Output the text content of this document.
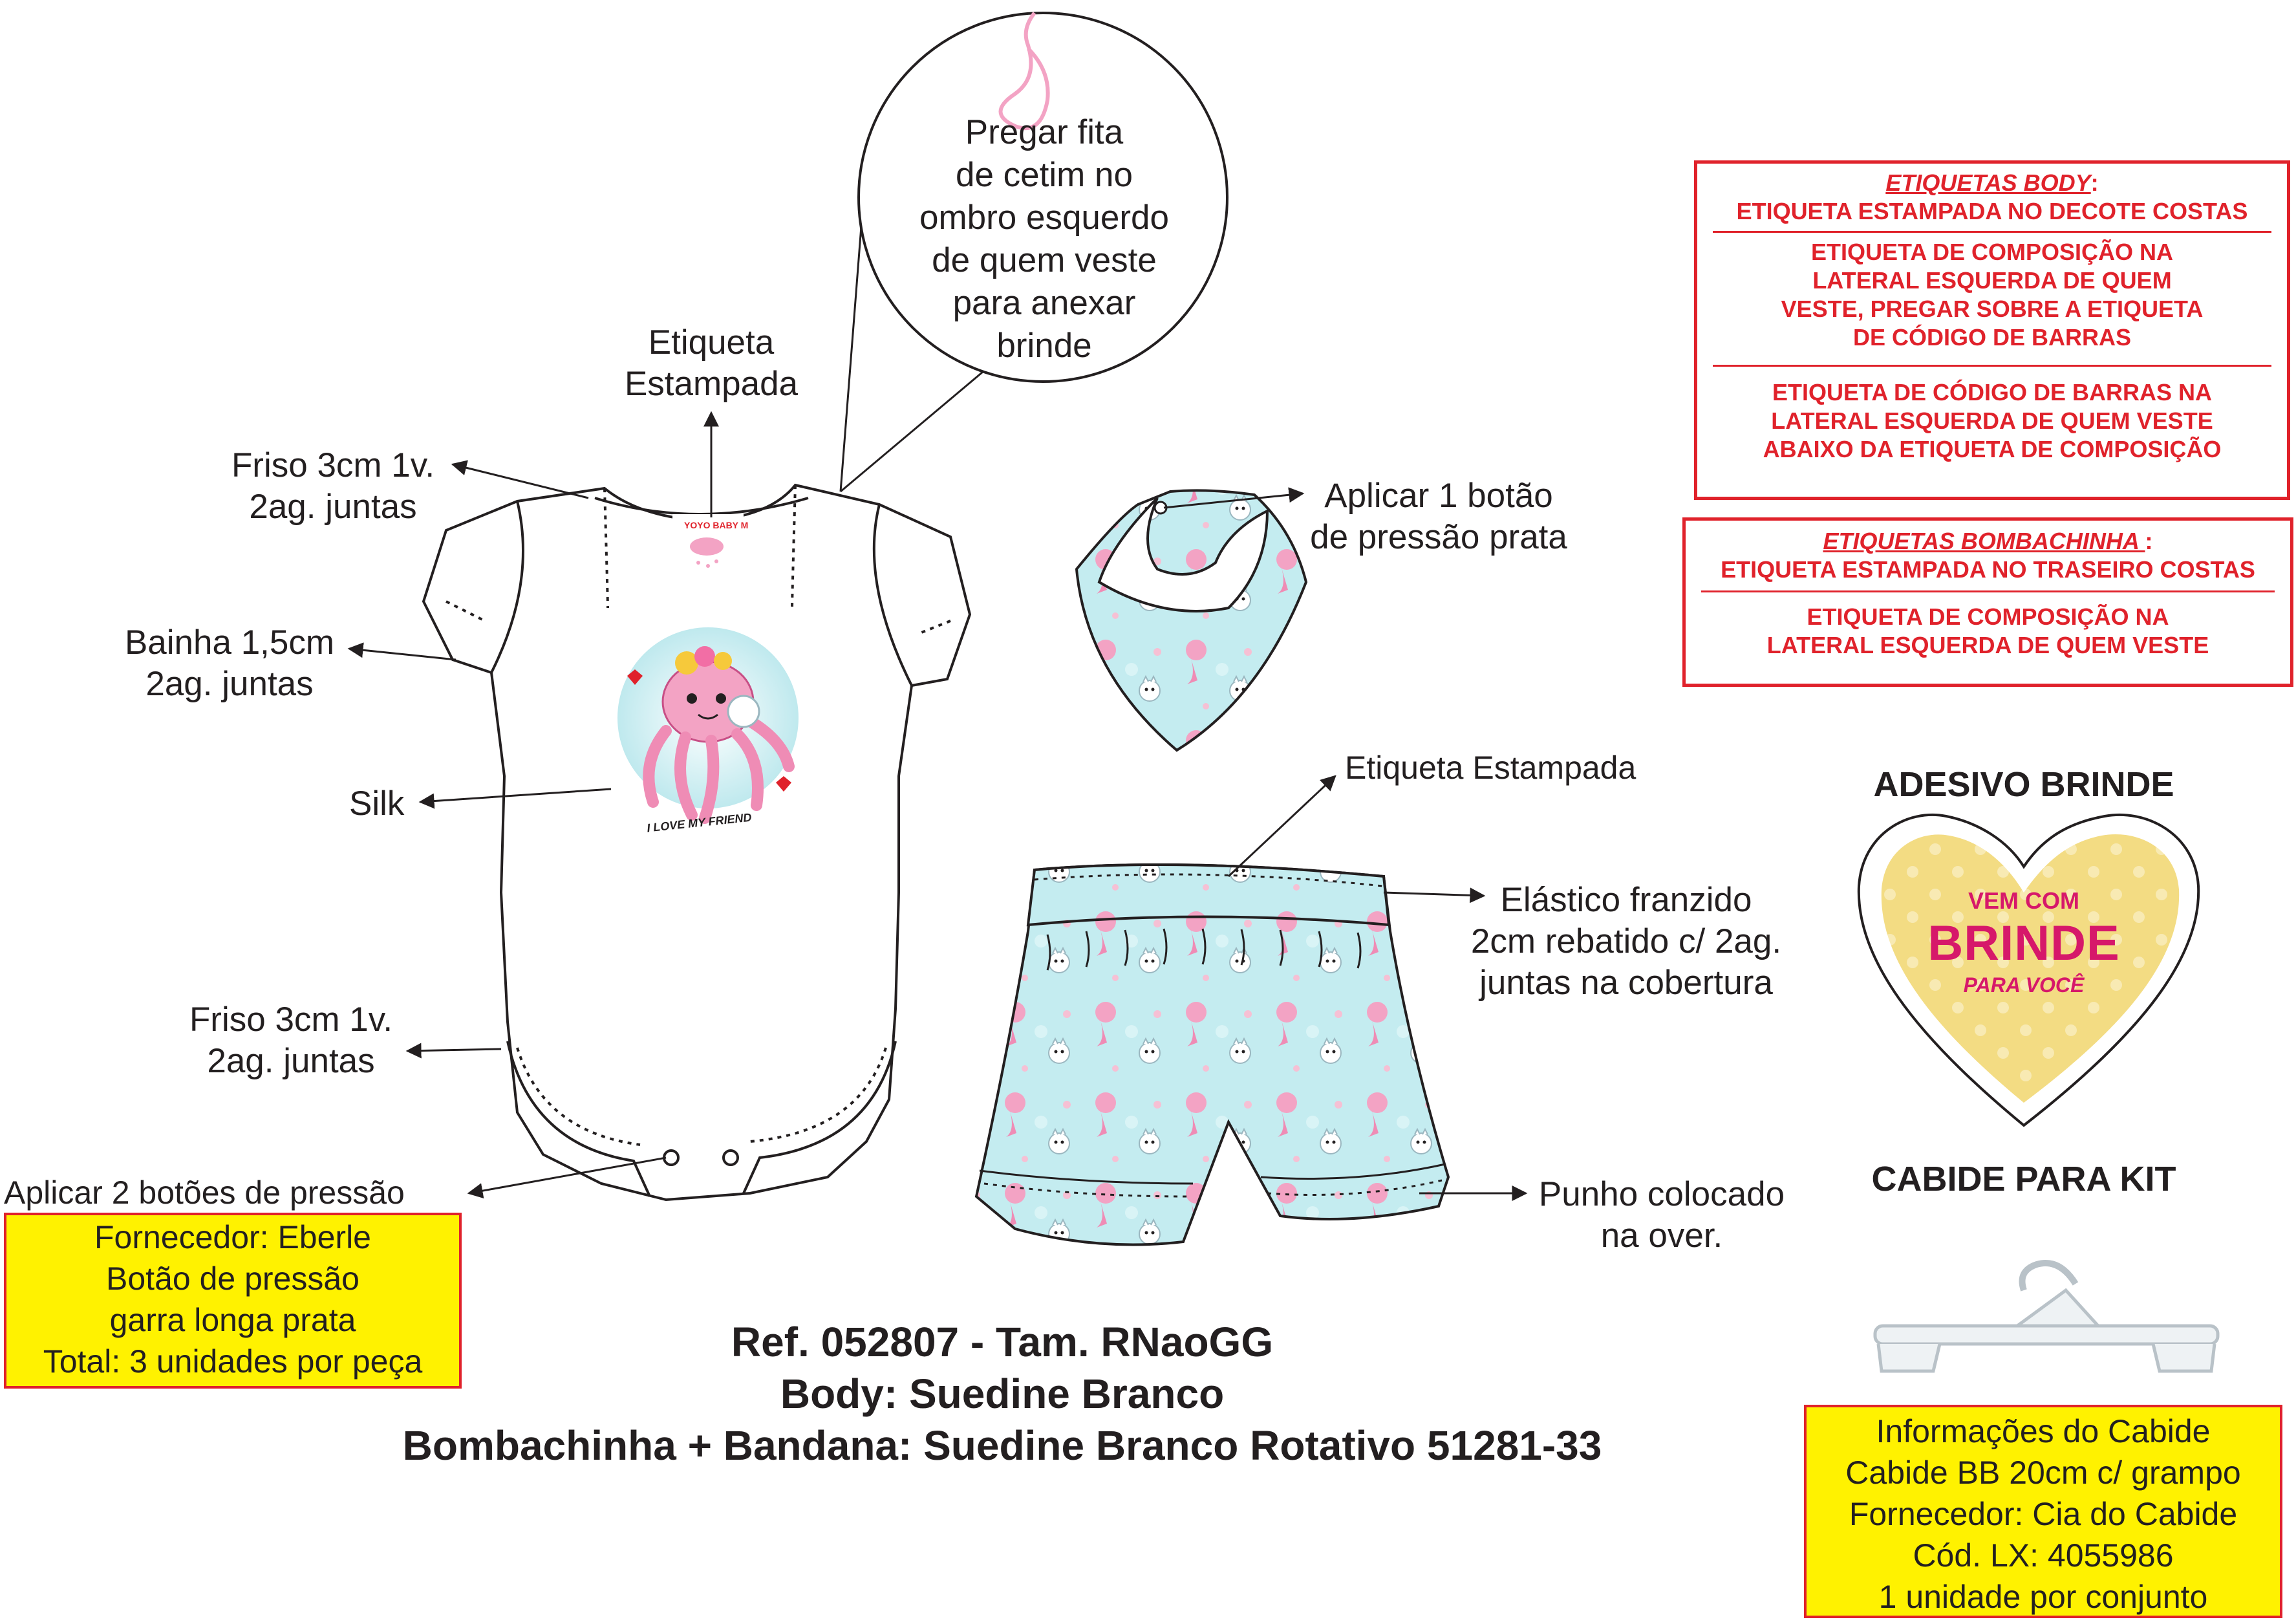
Etiqueta
Estampada
Friso 3cm 1v.
2ag. juntas
Bainha 1,5cm
2ag. juntas
Silk
Friso 3cm 1v.
2ag. juntas
Aplicar 2 botões de pressão
YOYO BABY M
I LOVE MY FRIEND
Pregar fita
de cetim no
ombro esquerdo
de quem veste
para anexar
brinde
Fornecedor: Eberle
Botão de pressão
garra longa prata
Total: 3 unidades por peça
Aplicar 1 botão
de pressão prata
Etiqueta Estampada
Elástico franzido
2cm rebatido c/ 2ag.
juntas na cobertura
Punho colocado
na over.
ETIQUETAS BODY:
ETIQUETA ESTAMPADA NO DECOTE COSTAS
ETIQUETA DE COMPOSIÇÃO NA
LATERAL ESQUERDA DE QUEM
VESTE, PREGAR SOBRE A ETIQUETA
DE CÓDIGO DE BARRAS
ETIQUETA DE CÓDIGO DE BARRAS NA
LATERAL ESQUERDA DE QUEM VESTE
ABAIXO DA ETIQUETA DE COMPOSIÇÃO
ETIQUETAS BOMBACHINHA :
ETIQUETA ESTAMPADA NO TRASEIRO COSTAS
ETIQUETA DE COMPOSIÇÃO NA
LATERAL ESQUERDA DE QUEM VESTE
ADESIVO BRINDE
VEM COM
BRINDE
PARA VOCÊ
CABIDE PARA KIT
Informações do Cabide
Cabide BB 20cm c/ grampo
Fornecedor: Cia do Cabide
Cód. LX: 4055986
1 unidade por conjunto
Ref. 052807 - Tam. RNaoGG
Body: Suedine Branco
Bombachinha + Bandana: Suedine Branco Rotativo 51281-33
